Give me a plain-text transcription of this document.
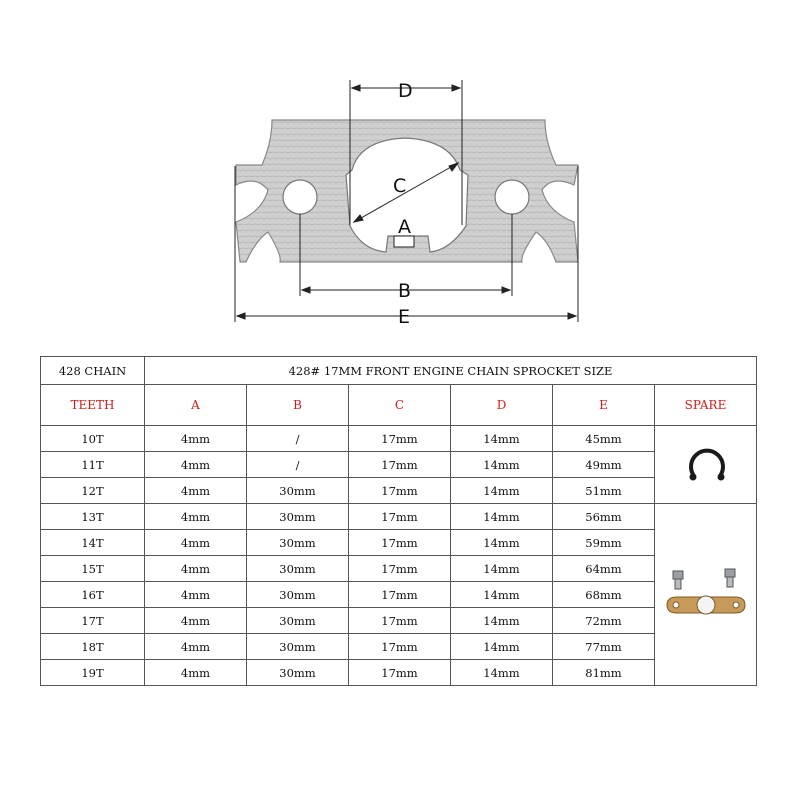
D
C
A
B
E
428 CHAIN	428# 17MM FRONT ENGINE CHAIN SPROCKET SIZE					
TEETH	A	B	C	D	E	SPARE
10T	4mm	/	17mm	14mm	45mm	

11T	4mm	/	17mm	14mm	49mm	
12T	4mm	30mm	17mm	14mm	51mm	
13T	4mm	30mm	17mm	14mm	56mm	

14T	4mm	30mm	17mm	14mm	59mm	
15T	4mm	30mm	17mm	14mm	64mm	
16T	4mm	30mm	17mm	14mm	68mm	
17T	4mm	30mm	17mm	14mm	72mm	
18T	4mm	30mm	17mm	14mm	77mm	
19T	4mm	30mm	17mm	14mm	81mm	
